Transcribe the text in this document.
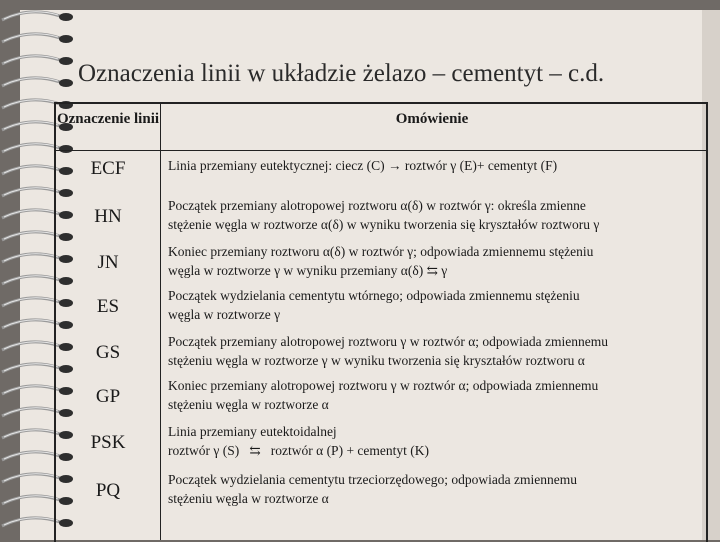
Oznaczenia linii w układzie żelazo – cementyt – c.d.
Oznaczenie linii	Omówienie
ECF	Linia przemiany eutektycznej: ciecz (C) → roztwór γ (E)+ cementyt (F)
HN
Początek przemiany alotropowej roztworu α(δ) w roztwór γ: określa zmienne
stężenie węgla w roztworze α(δ) w wyniku tworzenia się kryształów roztworu γ
JN
Koniec przemiany roztworu α(δ) w roztwór γ; odpowiada zmiennemu stężeniu
węgla w roztworze γ w wyniku przemiany α(δ) ⇆ γ
ES
Początek wydzielania cementytu wtórnego; odpowiada zmiennemu stężeniu
węgla w roztworze γ
GS
Początek przemiany alotropowej roztworu γ w roztwór α; odpowiada zmiennemu
stężeniu węgla w roztworze γ w wyniku tworzenia się kryształów roztworu α
GP
Koniec przemiany alotropowej roztworu γ w roztwór α; odpowiada zmiennemu
stężeniu węgla w roztworze α
PSK
Linia przemiany eutektoidalnej
roztwór γ (S)   ⇆   roztwór α (P) + cementyt (K)
PQ
Początek wydzielania cementytu trzeciorzędowego; odpowiada zmiennemu
stężeniu węgla w roztworze α
